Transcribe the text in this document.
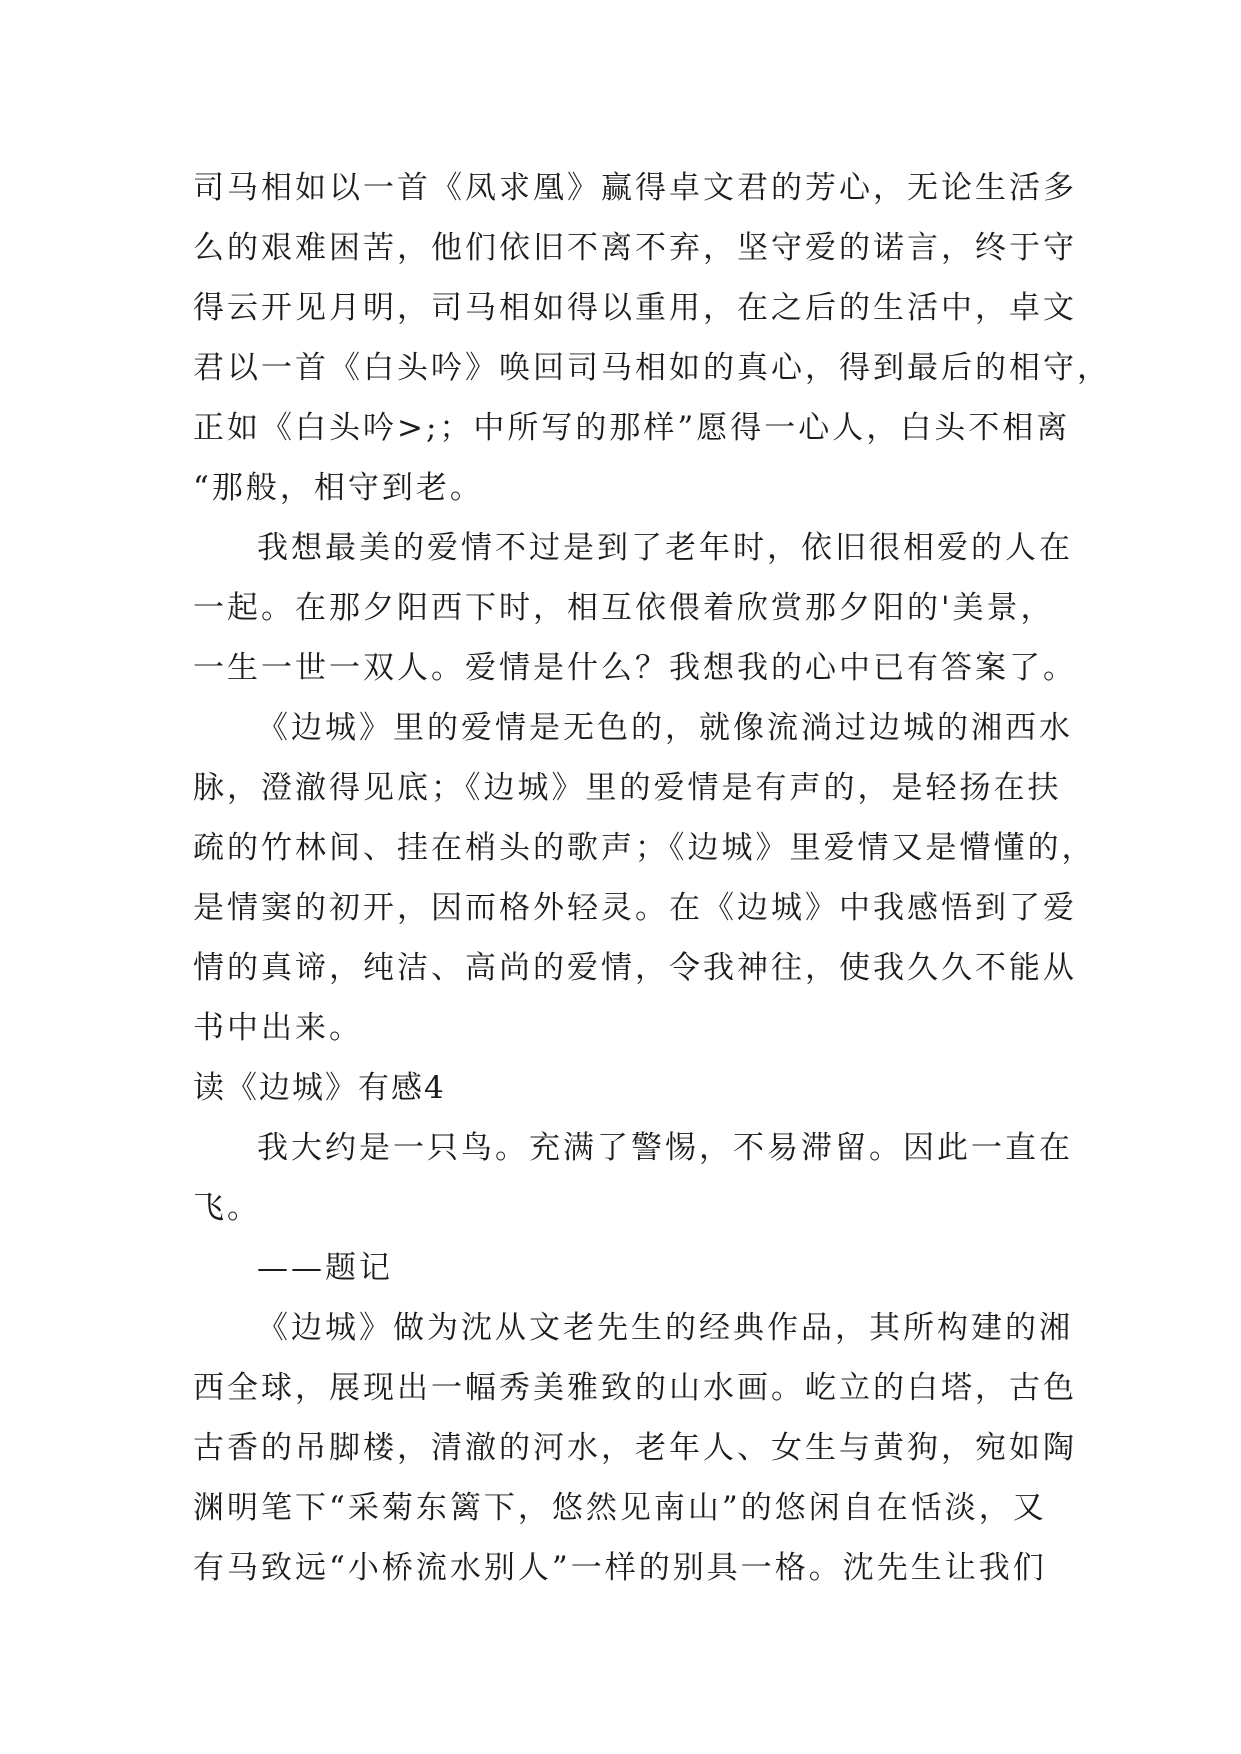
司马相如以一首《凤求凰》赢得卓文君的芳心，无论生活多

么的艰难困苦，他们依旧不离不弃，坚守爱的诺言，终于守

得云开见月明，司马相如得以重用，在之后的生活中，卓文

君以一首《白头吟》唤回司马相如的真心，得到最后的相守，

正如《白头吟>;；中所写的那样”愿得一心人，白头不相离

“那般，相守到老。

我想最美的爱情不过是到了老年时，依旧很相爱的人在

一起。在那夕阳西下时，相互依偎着欣赏那夕阳的'美景，

一生一世一双人。爱情是什么？我想我的心中已有答案了。

《边城》里的爱情是无色的，就像流淌过边城的湘西水

脉，澄澈得见底；《边城》里的爱情是有声的，是轻扬在扶

疏的竹林间、挂在梢头的歌声；《边城》里爱情又是懵懂的，

是情窦的初开，因而格外轻灵。在《边城》中我感悟到了爱

情的真谛，纯洁、高尚的爱情，令我神往，使我久久不能从

书中出来。

读《边城》有感4

我大约是一只鸟。充满了警惕，不易滞留。因此一直在

飞。

——题记

《边城》做为沈从文老先生的经典作品，其所构建的湘

西全球，展现出一幅秀美雅致的山水画。屹立的白塔，古色

古香的吊脚楼，清澈的河水，老年人、女生与黄狗，宛如陶

渊明笔下“采菊东篱下，悠然见南山”的悠闲自在恬淡，又

有马致远“小桥流水别人”一样的别具一格。沈先生让我们
